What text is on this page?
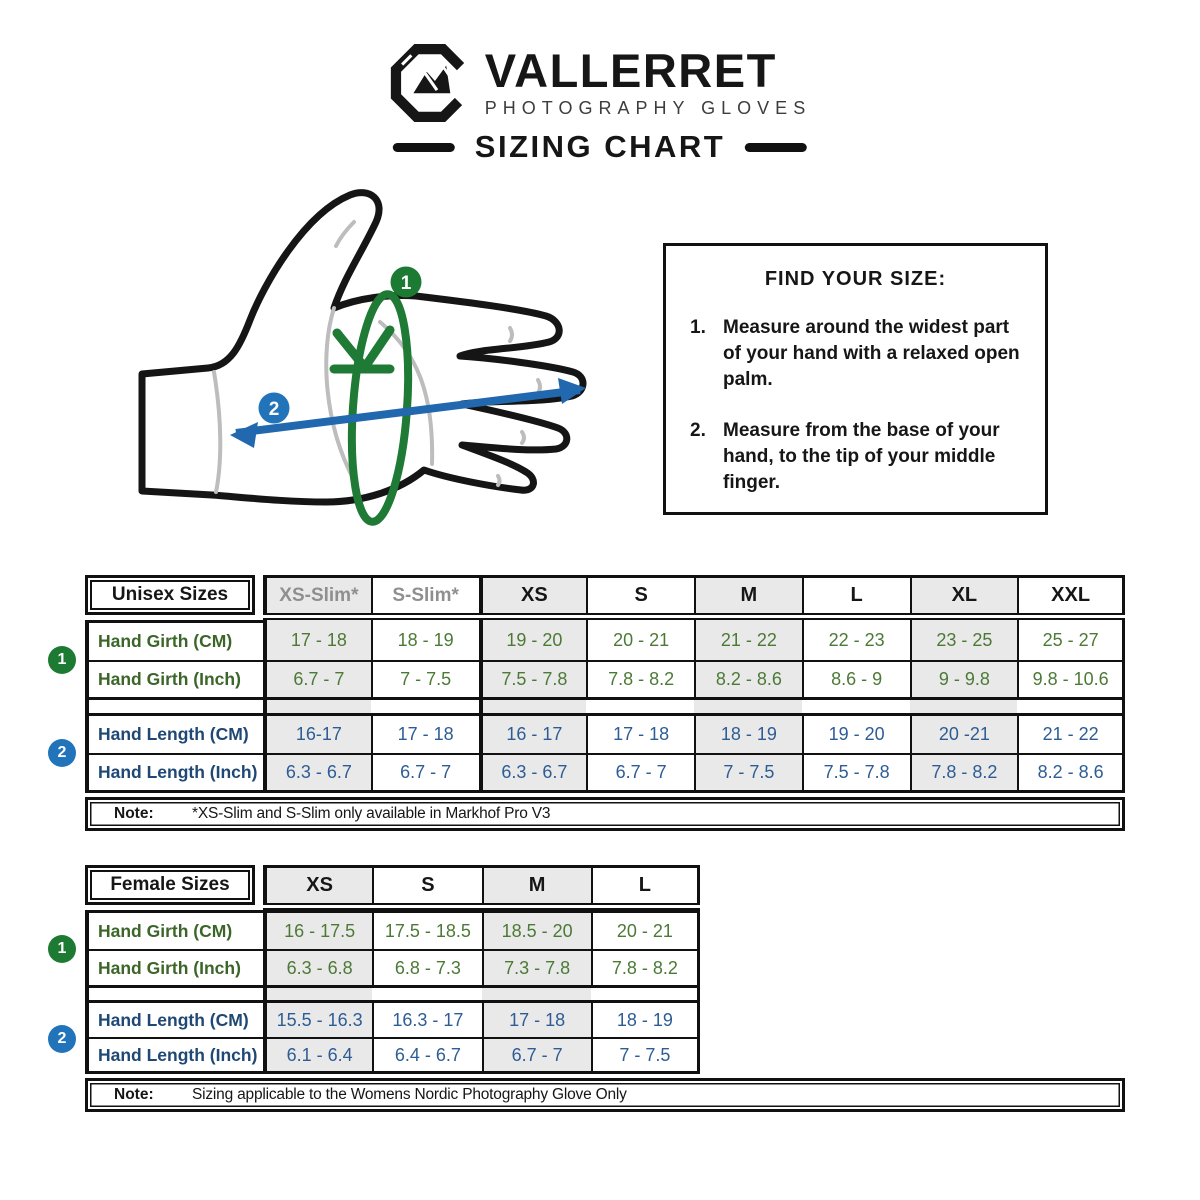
VALLERRET
PHOTOGRAPHY GLOVES
SIZING CHART
1
2
FIND YOUR SIZE:
1. Measure around the widest part of your hand with a relaxed open palm.
2. Measure from the base of your hand, to the tip of your middle finger.
Unisex Sizes	XS-Slim*	S-Slim*	XS	S	M	L	XL	XXL
Hand Girth (CM)	17 - 18	18 - 19	19 - 20	20 - 21	21 - 22	22 - 23	23 - 25	25 - 27
Hand Girth (Inch)	6.7 - 7	7 - 7.5	7.5 - 7.8	7.8 - 8.2	8.2 - 8.6	8.6 - 9	9 - 9.8	9.8 - 10.6
Hand Length (CM)	16-17	17 - 18	16 - 17	17 - 18	18 - 19	19 - 20	20 -21	21 - 22
Hand Length (Inch)	6.3 - 6.7	6.7 - 7	6.3 - 6.7	6.7 - 7	7 - 7.5	7.5 - 7.8	7.8 - 8.2	8.2 - 8.6
1
2
Note:	*XS-Slim and S-Slim only available in Markhof Pro V3
Female Sizes	XS	S	M	L
Hand Girth (CM)	16 - 17.5	17.5 - 18.5	18.5 - 20	20 - 21
Hand Girth (Inch)	6.3 - 6.8	6.8 - 7.3	7.3 - 7.8	7.8 - 8.2
Hand Length (CM)	15.5 - 16.3	16.3 - 17	17 - 18	18 - 19
Hand Length (Inch)	6.1 - 6.4	6.4 - 6.7	6.7 - 7	7 - 7.5
1
2
Note:	Sizing applicable to the Womens Nordic Photography Glove Only
